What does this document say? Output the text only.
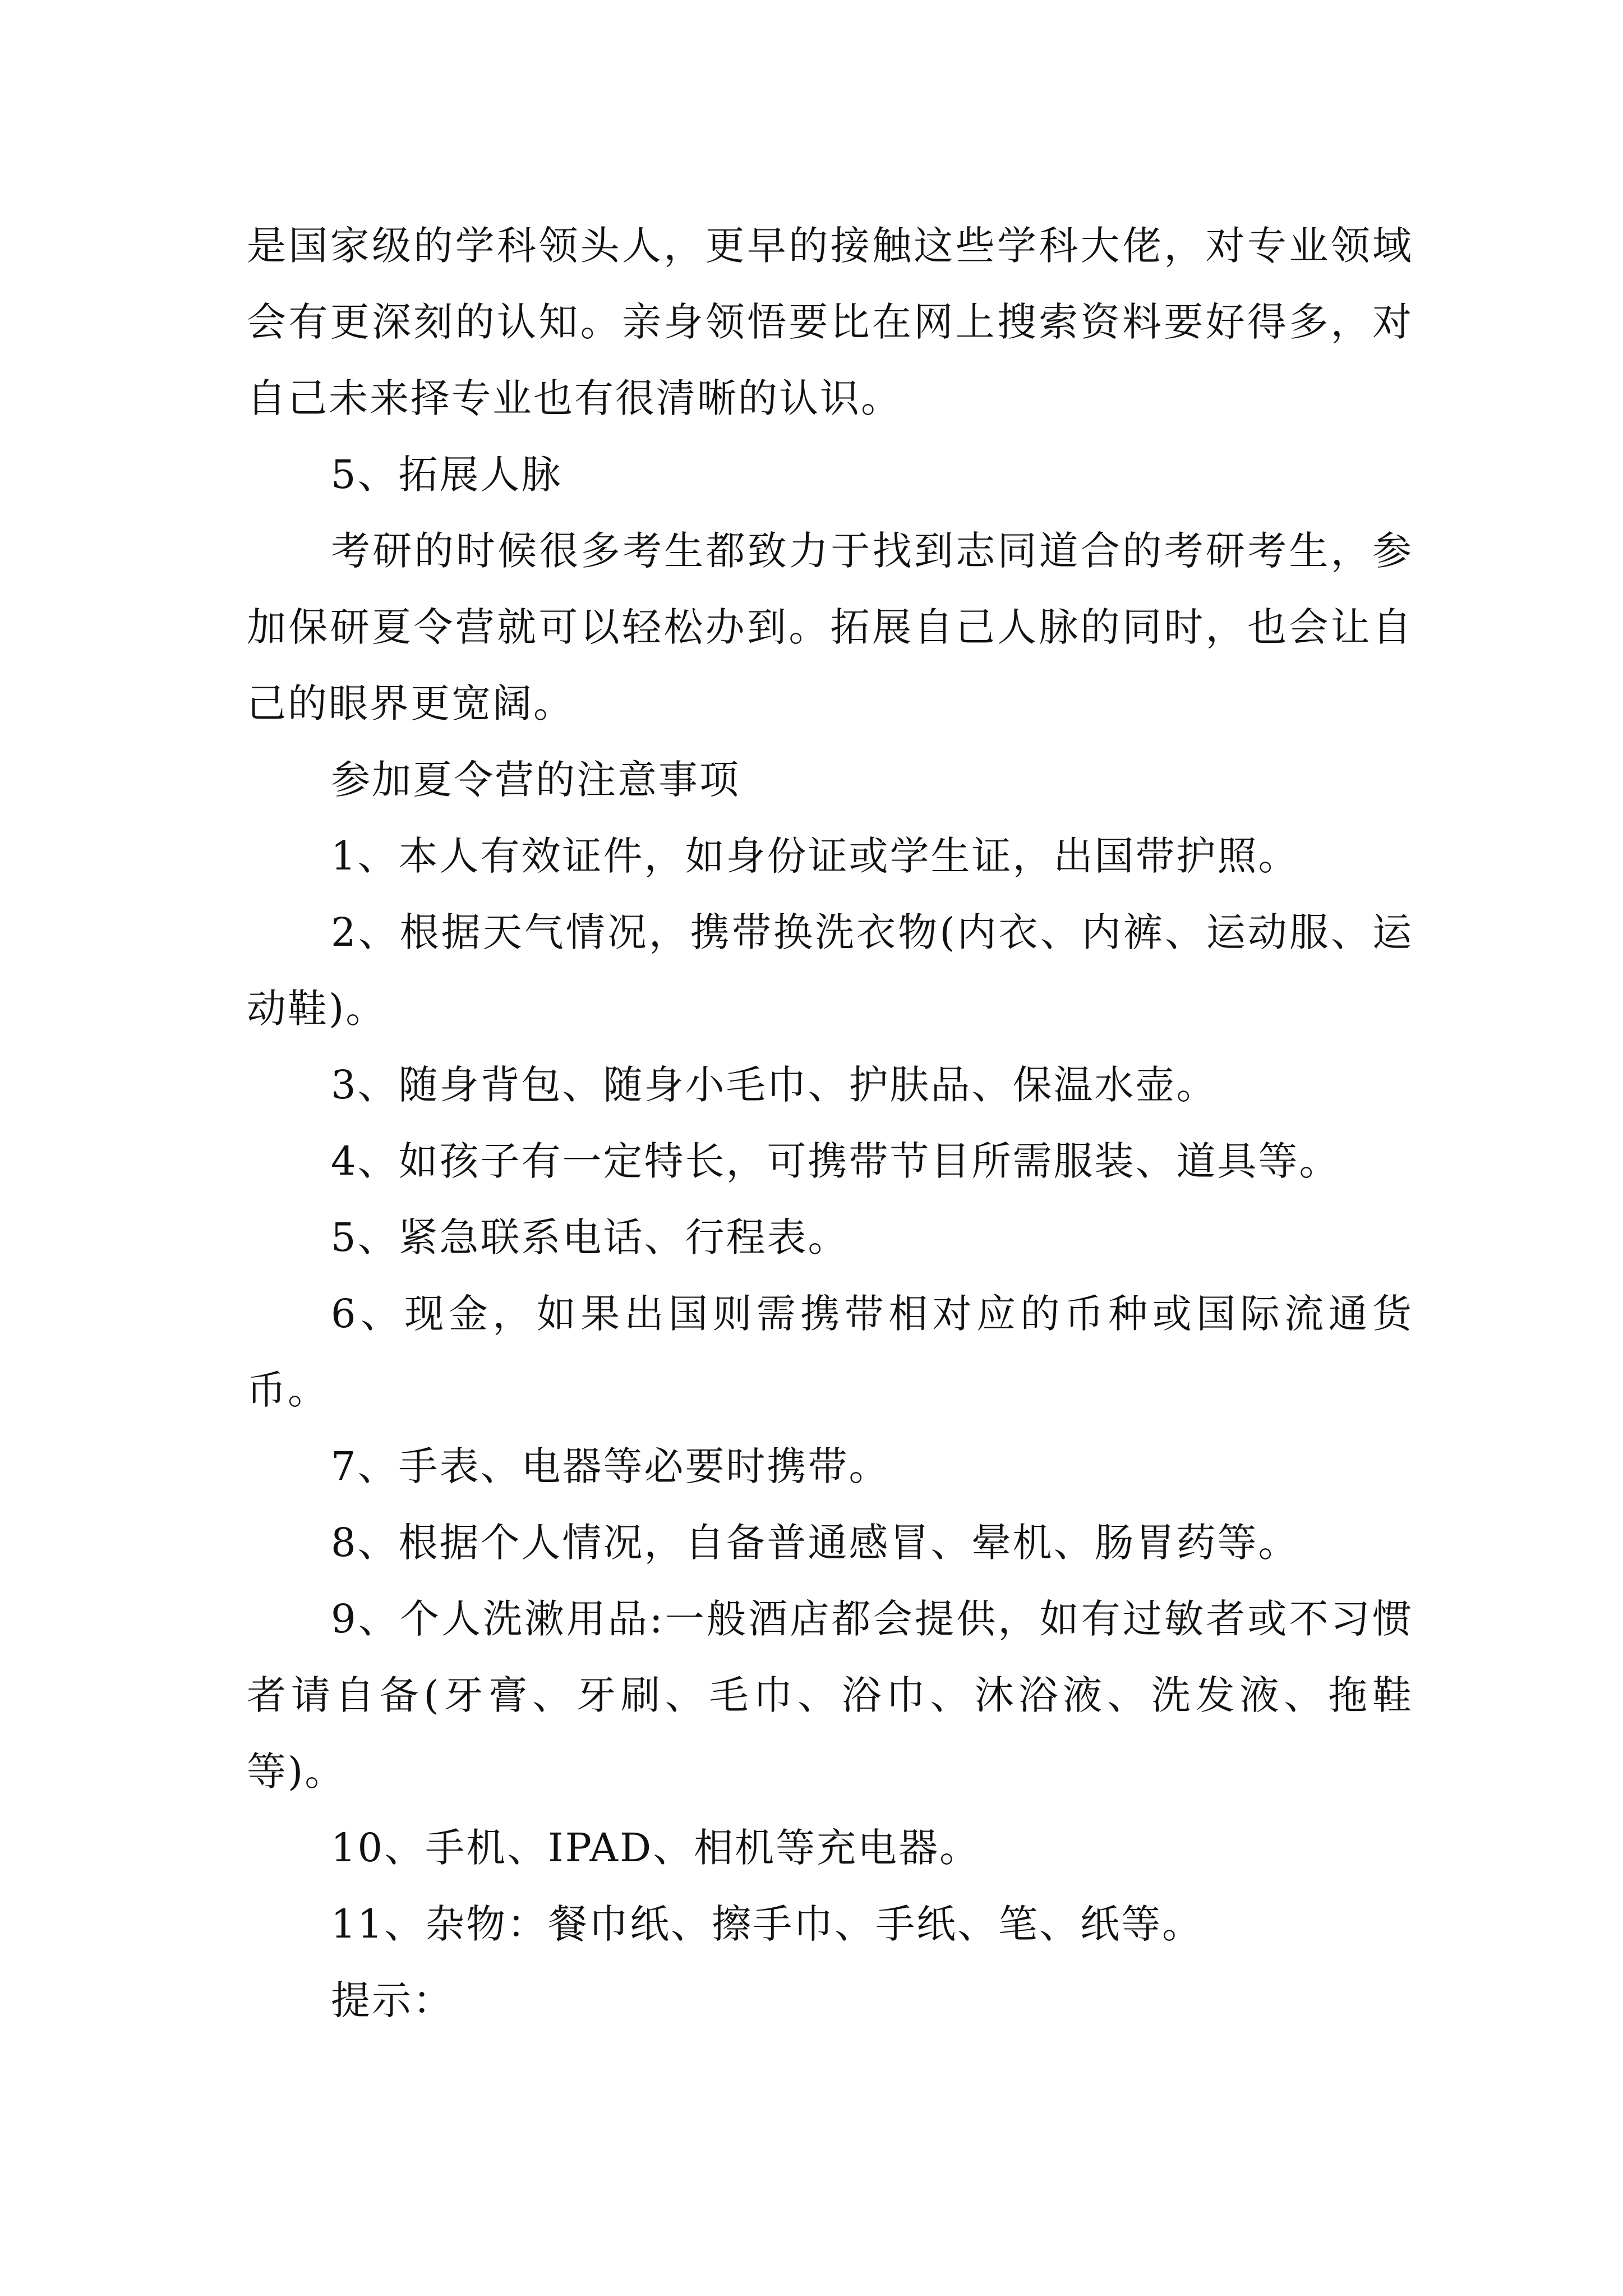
是国家级的学科领头人，更早的接触这些学科大佬，对专业领域会有更深刻的认知。亲身领悟要比在网上搜索资料要好得多，对自己未来择专业也有很清晰的认识。

5、拓展人脉

考研的时候很多考生都致力于找到志同道合的考研考生，参加保研夏令营就可以轻松办到。拓展自己人脉的同时，也会让自己的眼界更宽阔。

参加夏令营的注意事项

1、本人有效证件，如身份证或学生证，出国带护照。

2、根据天气情况，携带换洗衣物(内衣、内裤、运动服、运动鞋)。

3、随身背包、随身小毛巾、护肤品、保温水壶。

4、如孩子有一定特长，可携带节目所需服装、道具等。

5、紧急联系电话、行程表。

6、现金，如果出国则需携带相对应的币种或国际流通货币。

7、手表、电器等必要时携带。

8、根据个人情况，自备普通感冒、晕机、肠胃药等。

9、个人洗漱用品:一般酒店都会提供，如有过敏者或不习惯者请自备(牙膏、牙刷、毛巾、浴巾、沐浴液、洗发液、拖鞋等)。

10、手机、IPAD、相机等充电器。

11、杂物：餐巾纸、擦手巾、手纸、笔、纸等。

提示：
